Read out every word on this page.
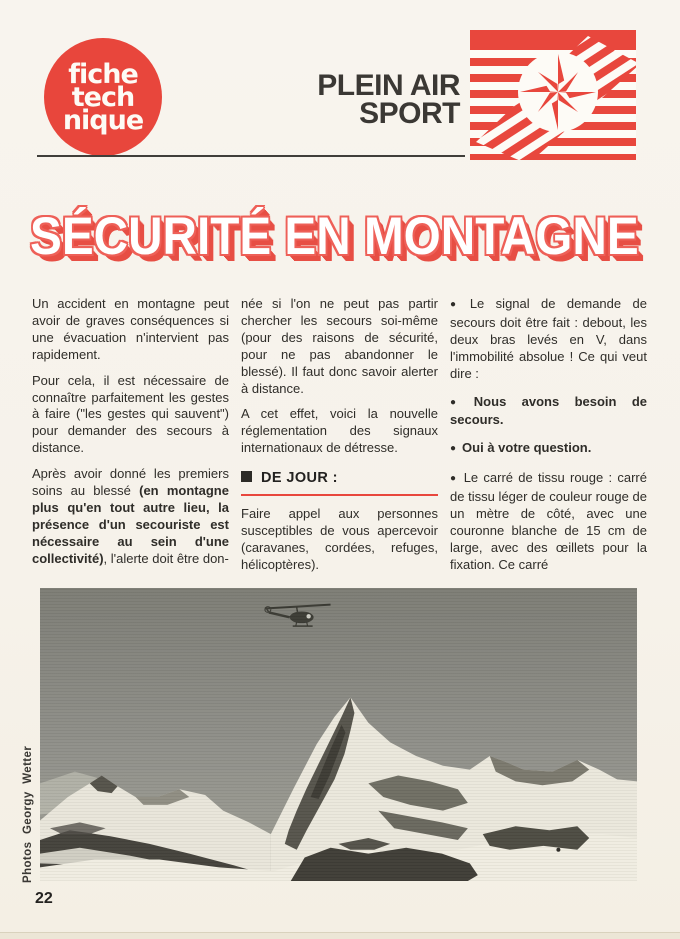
fiche
tech
nique
PLEIN AIR
SPORT
SÉCURITÉ EN MONTAGNE

Un accident en montagne peut avoir de graves conséquences si une évacuation n'intervient pas rapidement.

Pour cela, il est nécessaire de connaître parfaitement les gestes à faire ("les gestes qui sauvent") pour demander des secours à distance.

Après avoir donné les premiers soins au blessé (en montagne plus qu'en tout autre lieu, la présence d'un secouriste est nécessaire au sein d'une collectivité), l'alerte doit être don-

née si l'on ne peut pas partir chercher les secours soi-même (pour des raisons de sécurité, pour ne pas abandonner le blessé). Il faut donc savoir alerter à distance.

A cet effet, voici la nouvelle réglementation des signaux internationaux de détresse.

DE JOUR :

Faire appel aux personnes susceptibles de vous apercevoir (caravanes, cordées, refuges, hélicoptères).

● Le signal de demande de secours doit être fait : debout, les deux bras levés en V, dans l'immobilité absolue ! Ce qui veut dire :

● Nous avons besoin de secours.

● Oui à votre question.

● Le carré de tissu rouge : carré de tissu léger de couleur rouge de un mètre de côté, avec une couronne blanche de 15 cm de large, avec des œillets pour la fixation. Ce carré

Photos Georgy Wetter
22
